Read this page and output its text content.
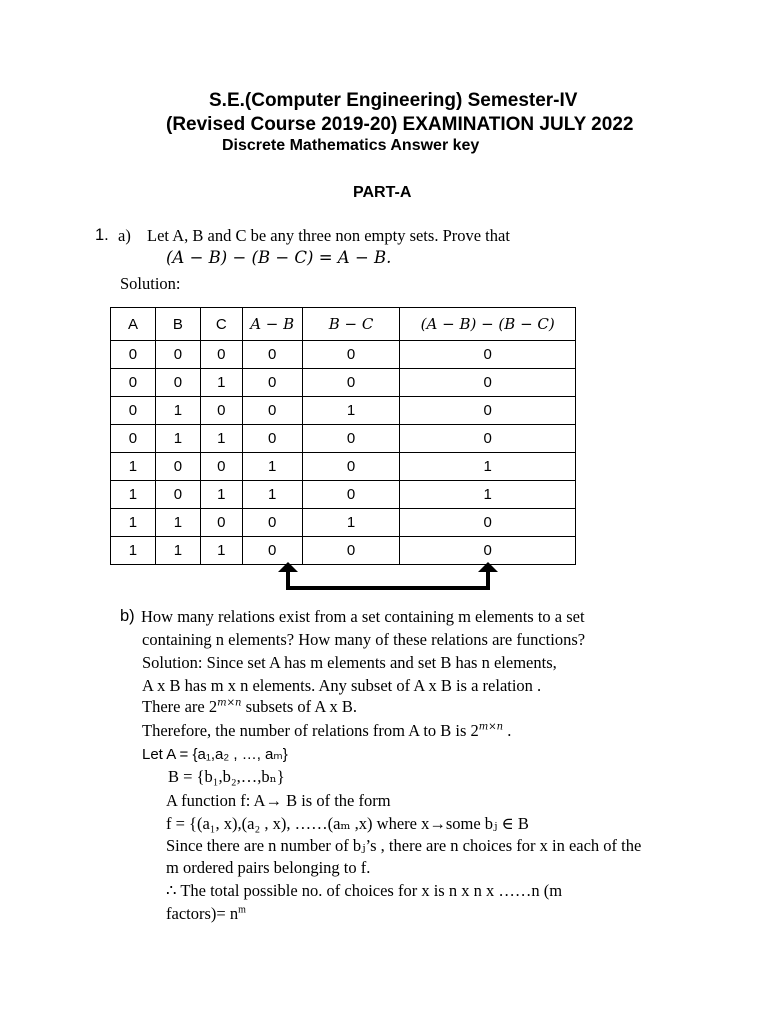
S.E.(Computer Engineering) Semester-IV
(Revised Course 2019-20) EXAMINATION JULY 2022
Discrete Mathematics Answer key
PART-A
1. a) Let A, B and C be any three non empty sets. Prove that
(A − B) − (B − C) = A − B.
Solution:
A	B	C	A − B	B − C	(A − B) − (B − C)
0	0	0	0	0	0
0	0	1	0	0	0
0	1	0	0	1	0
0	1	1	0	0	0
1	0	0	1	0	1
1	0	1	1	0	1
1	1	0	0	1	0
1	1	1	0	0	0
b) How many relations exist from a set containing m elements to a set
containing n elements? How many of these relations are functions?
Solution: Since set A has m elements and set B has n elements,
A x B has m x n elements. Any subset of A x B is a relation .
There are $2^{m\times n}$ subsets of A x B.
Therefore, the number of relations from A to B is $2^{m\times n}$ .
Let A = {a₁,a₂ , …, aₘ}
B = {b₁,b₂,…,bₙ}
A function f: A→ B is of the form
f = {(a₁, x),(a₂ , x), ……(aₘ ,x) where x→some bⱼ ∈ B
Since there are n number of bⱼ’s , there are n choices for x in each of the
m ordered pairs belonging to f.
∴ The total possible no. of choices for x is n x n x ……n (m
factors)= $n^m$
